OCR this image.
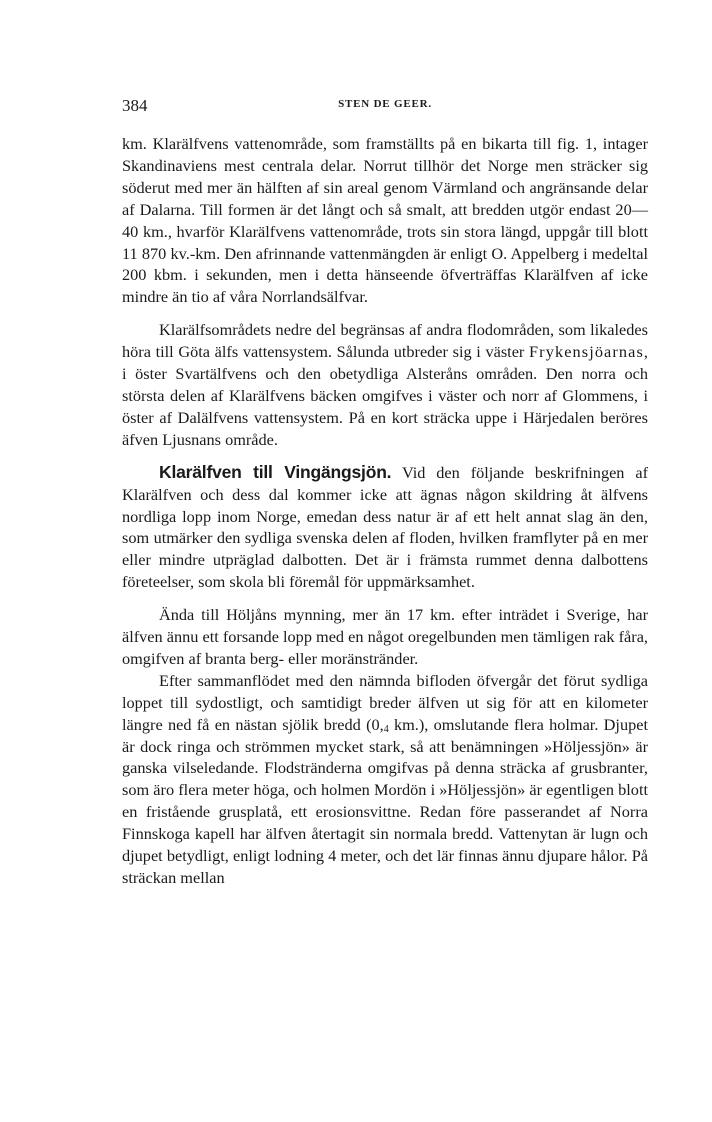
384	STEN DE GEER.

km. Klarälfvens vattenområde, som framställts på en bikarta till fig. 1, intager Skandinaviens mest centrala delar. Norrut tillhör det Norge men sträcker sig söderut med mer än hälften af sin areal genom Värmland och angränsande delar af Dalarna. Till formen är det långt och så smalt, att bredden utgör endast 20—40 km., hvarför Klarälfvens vattenområde, trots sin stora längd, uppgår till blott 11 870 kv.-km. Den afrinnande vattenmängden är enligt O. Appelberg i medeltal 200 kbm. i sekunden, men i detta hänseende öfverträffas Klarälfven af icke mindre än tio af våra Norrlandsälfvar.

Klarälfsområdets nedre del begränsas af andra flodområden, som likaledes höra till Göta älfs vattensystem. Sålunda utbreder sig i väster Frykensjöarnas, i öster Svartälfvens och den obetydliga Alsteråns områden. Den norra och största delen af Klarälfvens bäcken omgifves i väster och norr af Glommens, i öster af Dalälfvens vattensystem. På en kort sträcka uppe i Härjedalen beröres äfven Ljusnans område.

Klarälfven till Vingängsjön. Vid den följande beskrifningen af Klarälfven och dess dal kommer icke att ägnas någon skildring åt älfvens nordliga lopp inom Norge, emedan dess natur är af ett helt annat slag än den, som utmärker den sydliga svenska delen af floden, hvilken framflyter på en mer eller mindre utpräglad dalbotten. Det är i främsta rummet denna dalbottens företeelser, som skola bli föremål för uppmärksamhet.

Ända till Höljåns mynning, mer än 17 km. efter inträdet i Sverige, har älfven ännu ett forsande lopp med en något oregelbunden men tämligen rak fåra, omgifven af branta berg- eller moränstränder.

Efter sammanflödet med den nämnda bifloden öfvergår det förut sydliga loppet till sydostligt, och samtidigt breder älfven ut sig för att en kilometer längre ned få en nästan sjölik bredd ($0,_4$ km.), omslutande flera holmar. Djupet är dock ringa och strömmen mycket stark, så att benämningen »Höljessjön» är ganska vilseledande. Flodstränderna omgifvas på denna sträcka af grusbranter, som äro flera meter höga, och holmen Mordön i »Höljessjön» är egentligen blott en fristående grusplatå, ett erosionsvittne. Redan före passerandet af Norra Finnskoga kapell har älfven återtagit sin normala bredd. Vattenytan är lugn och djupet betydligt, enligt lodning 4 meter, och det lär finnas ännu djupare hålor. På sträckan mellan
